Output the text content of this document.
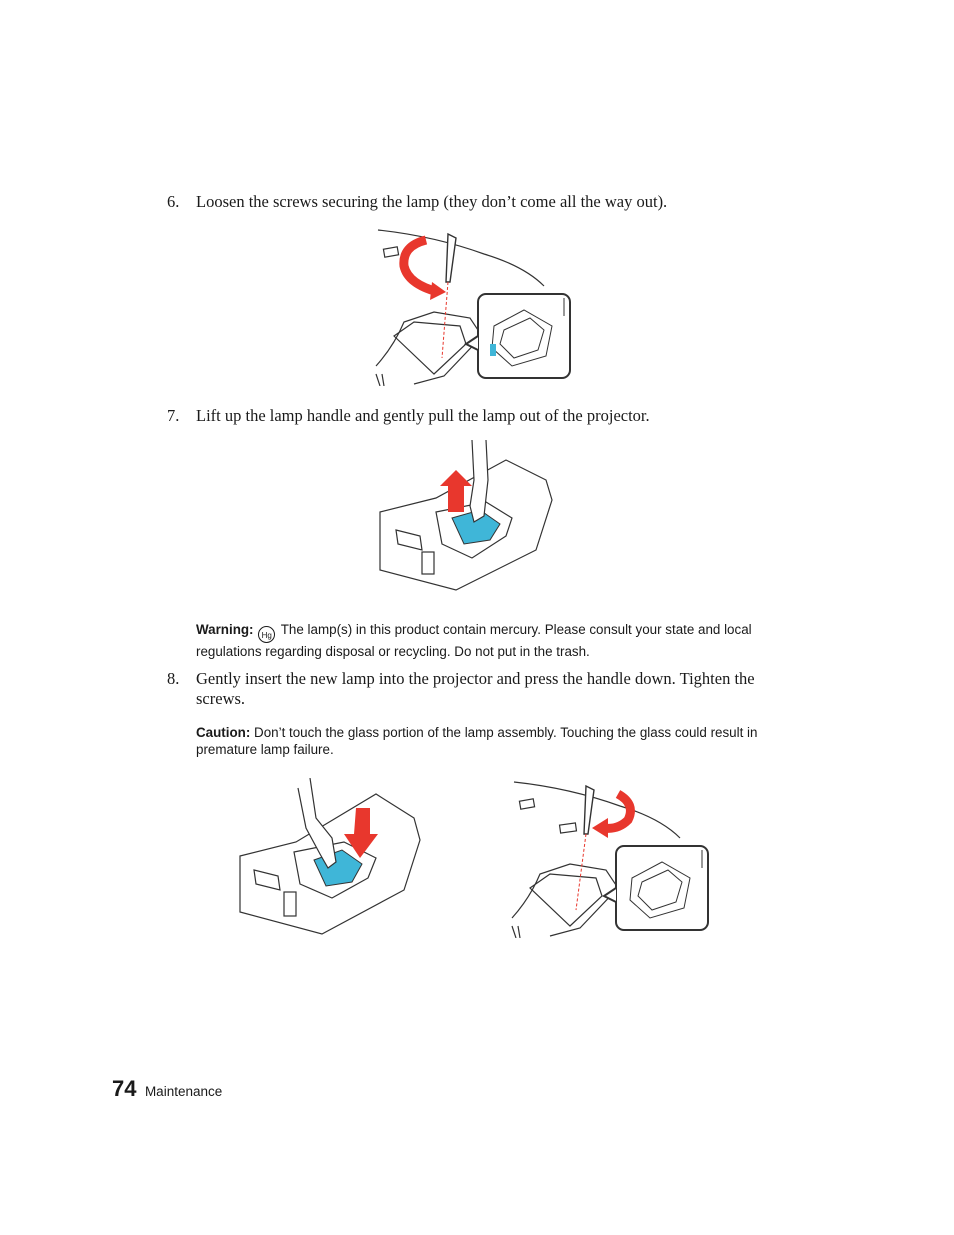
6. Loosen the screws securing the lamp (they don’t come all the way out).
7. Lift up the lamp handle and gently pull the lamp out of the projector.
Warning: Hg The lamp(s) in this product contain mercury. Please consult your state and local regulations regarding disposal or recycling. Do not put in the trash.
8. Gently insert the new lamp into the projector and press the handle down. Tighten the screws.
Caution: Don’t touch the glass portion of the lamp assembly. Touching the glass could result in premature lamp failure.
74 Maintenance
